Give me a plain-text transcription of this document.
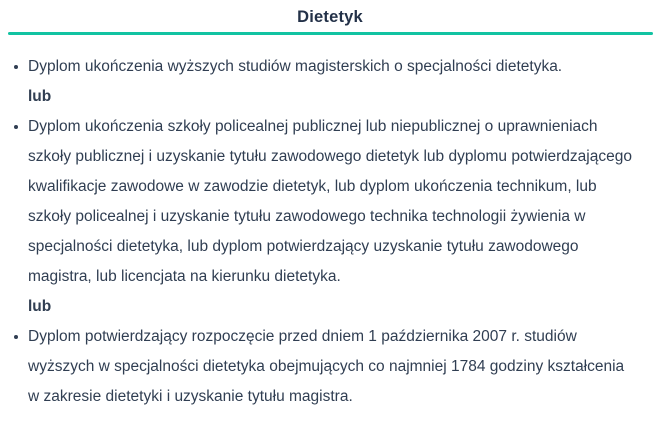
Dietetyk

Dyplom ukończenia wyższych studiów magisterskich o specjalności dietetyka.

lub

Dyplom ukończenia szkoły policealnej publicznej lub niepublicznej o uprawnieniach szkoły publicznej i uzyskanie tytułu zawodowego dietetyk lub dyplomu potwierdzającego kwalifikacje zawodowe w zawodzie dietetyk, lub dyplom ukończenia technikum, lub szkoły policealnej i uzyskanie tytułu zawodowego technika technologii żywienia w specjalności dietetyka, lub dyplom potwierdzający uzyskanie tytułu zawodowego magistra, lub licencjata na kierunku dietetyka.

lub

Dyplom potwierdzający rozpoczęcie przed dniem 1 października 2007 r. studiów wyższych w specjalności dietetyka obejmujących co najmniej 1784 godziny kształcenia w zakresie dietetyki i uzyskanie tytułu magistra.
